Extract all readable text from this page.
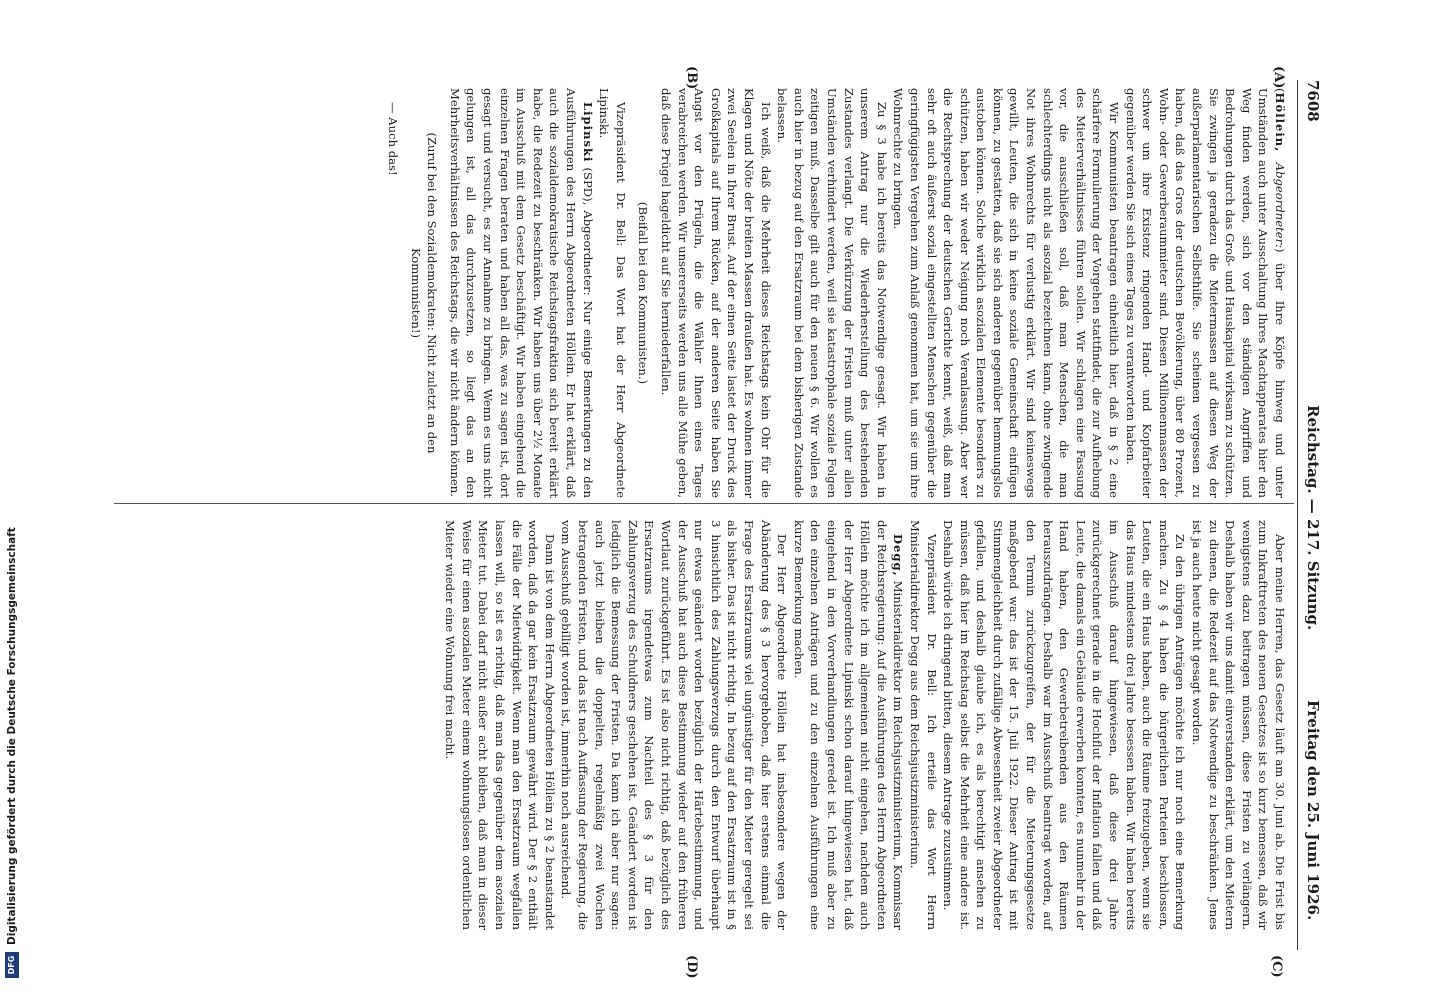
7608
Reichstag. — 217. Sitzung.
Freitag den 25. Juni 1926.
(A)
(B)
(C)
(D)

(Höllein, Abgeordneter:) über Ihre Köpfe hinweg und unter Umständen auch unter Ausschaltung Ihres Machtapparates hier den Weg finden werden, sich vor den ständigen Angriffen und Bedrohungen durch das Groß- und Hauskapital wirksam zu schützen. Sie zwingen ja geradezu die Mietermassen auf diesen Weg der außerparlamentarischen Selbsthilfe. Sie scheinen vergessen zu haben, daß das Gros der deutschen Bevölkerung, über 80 Prozent, Wohn- oder Gewerberaummieter sind. Diesen Millionenmassen der schwer um ihre Existenz ringenden Hand- und Kopfarbeiter gegenüber werden Sie sich eines Tages zu verantworten haben.

Wir Kommunisten beantragen einheitlich hier, daß in § 2 eine schärfere Formulierung der Vorgehen stattfindet, die zur Aufhebung des Mieterverhältnisses führen sollen. Wir schlagen eine Fassung vor, die ausschließen soll, daß man Menschen, die man schlechterdings nicht als asozial bezeichnen kann, ohne zwingende Not ihres Wohnrechts für verlustig erklärt. Wir sind keineswegs gewillt, Leuten, die sich in keine soziale Gemeinschaft einfügen können, zu gestatten, daß sie sich anderen gegenüber hemmungslos austoben können. Solche wirklich asozialen Elemente besonders zu schützen, haben wir weder Neigung noch Veranlassung. Aber wer die Rechtsprechung der deutschen Gerichte kennt, weiß, daß man sehr oft auch äußerst sozial eingestellten Menschen gegenüber die geringfügigsten Vergehen zum Anlaß genommen hat, um sie um ihre Wohnrechte zu bringen.

Zu § 3 habe ich bereits das Notwendige gesagt. Wir haben in unserem Antrag nur die Wiederherstellung des bestehenden Zustandes verlangt. Die Verkürzung der Fristen muß unter allen Umständen verhindert werden, weil sie katastrophale soziale Folgen zeitigen muß. Dasselbe gilt auch für den neuen § 6. Wir wollen es auch hier in bezug auf den Ersatzraum bei dem bisherigen Zustande belassen.

Ich weiß, daß die Mehrheit dieses Reichstags kein Ohr für die Klagen und Nöte der breiten Massen draußen hat. Es wohnen immer zwei Seelen in Ihrer Brust. Auf der einen Seite lastet der Druck des Großkapitals auf Ihrem Rücken, auf der anderen Seite haben Sie Angst vor den Prügeln, die die Wähler Ihnen eines Tages verabreichen werden. Wir unsererseits werden uns alle Mühe geben, daß diese Prügel hageldicht auf Sie herniederfallen.

(Beifall bei den Kommunisten.)

Vizepräsident Dr. Bell: Das Wort hat der Herr Abgeordnete Lipinski.

Lipinski (SPD), Abgeordneter: Nur einige Bemerkungen zu den Ausführungen des Herrn Abgeordneten Höllein. Er hat erklärt, daß auch die sozialdemokratische Reichstagsfraktion sich bereit erklärt habe, die Redezeit zu beschränken. Wir haben uns über 2½ Monate im Ausschuß mit dem Gesetz beschäftigt. Wir haben eingehend die einzelnen Fragen beraten und haben all das, was zu sagen ist, dort gesagt und versucht, es zur Annahme zu bringen. Wenn es uns nicht gelungen ist, all das durchzusetzen, so liegt das an den Mehrheitsverhältnissen des Reichstags, die wir nicht ändern können.

(Zuruf bei den Sozialdemokraten: Nicht zuletzt an den Kommunisten!)

— Auch das!

Aber meine Herren, das Gesetz läuft am 30. Juni ab. Die Frist bis zum Inkrafttreten des neuen Gesetzes ist so kurz bemessen, daß wir wenigstens dazu beitragen müssen, diese Fristen zu verlängern. Deshalb haben wir uns damit einverstanden erklärt, um den Mietern zu dienen, die Redezeit auf das Notwendige zu beschränken. Jenes ist ja auch heute nicht gesagt worden.

Zu den übrigen Anträgen möchte ich nur noch eine Bemerkung machen. Zu § 4 haben die bürgerlichen Parteien beschlossen, Leuten, die ein Haus haben, auch die Räume freizugeben, wenn sie das Haus mindestens drei Jahre besessen haben. Wir haben bereits im Ausschuß darauf hingewiesen, daß diese drei Jahre zurückgerechnet gerade in die Hochflut der Inflation fallen und daß Leute, die damals ein Gebäude erwerben konnten, es nunmehr in der Hand haben, den Gewerbetreibenden aus den Räumen herauszudrängen. Deshalb war im Ausschuß beantragt worden, auf den Termin zurückzugreifen, der für die Mieterungsgesetze maßgebend war: das ist der 15. Juli 1922. Dieser Antrag ist mit Stimmengleichheit durch zufällige Abwesenheit zweier Abgeordneter gefallen, und deshalb glaube ich, es als berechtigt ansehen zu müssen, daß hier im Reichstag selbst die Mehrheit eine andere ist. Deshalb würde ich dringend bitten, diesem Antrage zuzustimmen.

Vizepräsident Dr. Bell: Ich erteile das Wort Herrn Ministerialdirektor Degg aus dem Reichsjustizministerium.

Degg, Ministerialdirektor im Reichsjustizministerium, Kommissar der Reichsregierung: Auf die Ausführungen des Herrn Abgeordneten Höllein möchte ich im allgemeinen nicht eingehen, nachdem auch der Herr Abgeordnete Lipinski schon darauf hingewiesen hat, daß eingehend in den Vorverhandlungen geredet ist. Ich muß aber zu den einzelnen Anträgen und zu den einzelnen Ausführungen eine kurze Bemerkung machen.

Der Herr Abgeordnete Höllein hat insbesondere wegen der Abänderung des § 3 hervorgehoben, daß hier erstens einmal die Frage des Ersatzraums viel ungünstiger für den Mieter geregelt sei als bisher. Das ist nicht richtig. In bezug auf den Ersatzraum ist in § 3 hinsichtlich des Zahlungsverzugs durch den Entwurf überhaupt nur etwas geändert worden bezüglich der Härtebestimmung, und der Ausschuß hat auch diese Bestimmung wieder auf den früheren Wortlaut zurückgeführt. Es ist also nicht richtig, daß bezüglich des Ersatzraums irgendetwas zum Nachteil des § 3 für den Zahlungsverzug des Schuldners geschehen ist. Geändert worden ist lediglich die Bemessung der Fristen. Da kann ich aber nur sagen: auch jetzt bleiben die doppelten, regelmäßig zwei Wochen betragenden Fristen, und das ist nach Auffassung der Regierung, die vom Ausschuß gebilligt worden ist, immerhin noch ausreichend.

Dann ist von dem Herrn Abgeordneten Höllein zu § 2 beanstandet worden, daß da gar kein Ersatzraum gewährt wird. Der § 2 enthält die Fälle der Mietwidrigkeit. Wenn man den Ersatzraum wegfallen lassen will, so ist es richtig, daß man das gegenüber dem asozialen Mieter tut. Dabei darf nicht außer acht bleiben, daß man in dieser Weise für einen asozialen Mieter einem wohnungslosen ordentlichen Mieter wieder eine Wohnung frei macht.

DFG
Digitalisierung gefördert durch die Deutsche Forschungsgemeinschaft
